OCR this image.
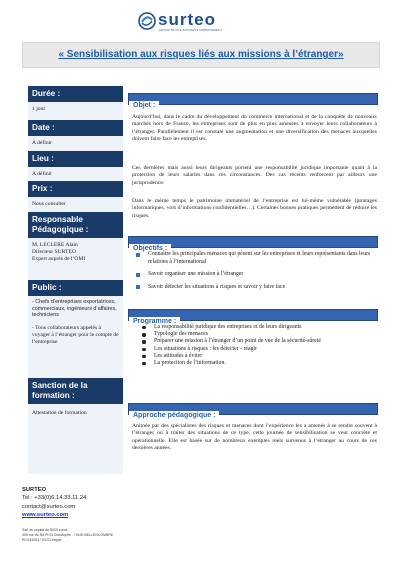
surteo
SECURITE FOR BUSINESS IMPROVEMENT
« Sensibilisation aux risques liés aux missions à l’étranger»
Durée :
1 jour
Date :
A définir
Lieu :
A définir
Prix :
Nous consulter
Responsable Pédagogique :
M. LECLERE Alain
Directeur SURTEO
Expert auprès de l’OMI
Public :
- Chefs d’entreprises exportatrices, commerciaux, ingénieurs d’affaires, techniciens
- Tous collaborateurs appelés à voyager à l’étranger pour le compte de l’entreprise
Sanction de la formation :
Attestation de formation
Objet :

Aujourd’hui, dans le cadre du développement du commerce international et de la conquête de nouveaux marchés hors de France, les entreprises sont de plus en plus amenées à envoyer leurs collaborateurs à l’étranger. Parallèlement il est constaté une augmentation et une diversification des menaces auxquelles doivent faire face les entreprises.

Ces dernières mais aussi leurs dirigeants portent une responsabilité juridique importante quant à la protection de leurs salariés dans ces circonstances. Des cas récents renforcent par ailleurs une jurisprudence.

Dans le même temps le patrimoine immatériel de l’entreprise est lui-même vulnérable (piratages informatiques, vols d’informations confidentielles…). Certaines bonnes pratiques permettent de réduire les risques.

Objectifs :
Connaître les principales menaces qui pèsent sur les entreprises et leurs représentants dans leurs relations à l’international
Savoir organiser une mission à l’étranger
Savoir détecter les situations à risques et savoir y faire face
Programme :
La responsabilité juridique des entreprises et de leurs dirigeants
Typologie des menaces
Préparer une mission à l’étranger d’un point de vue de la sécurité-sûreté
Les situations à risques : les détecter - réagir
Les attitudes à éviter
La protection de l’information.
Approche pédagogique :

Animée par des spécialistes des risques et menaces dont l’expérience les a amenés à se rendre souvent à l’étranger ou à traiter des situations de ce type, cette journée de sensibilisation se veut concrète et opérationnelle. Elle est basée sur de nombreux exemples réels survenus à l’étranger au cours de ces dernières années.

SURTEO
Tel : +33(0)6.14.33.11.24
contact@surteo.com
www.surteo.com
Sarl au capital de 8000 euros
409 rue du Rd Pt St Christophe - 74490 BELLENCOMBRE
RCS492817 RCS Dieppe
